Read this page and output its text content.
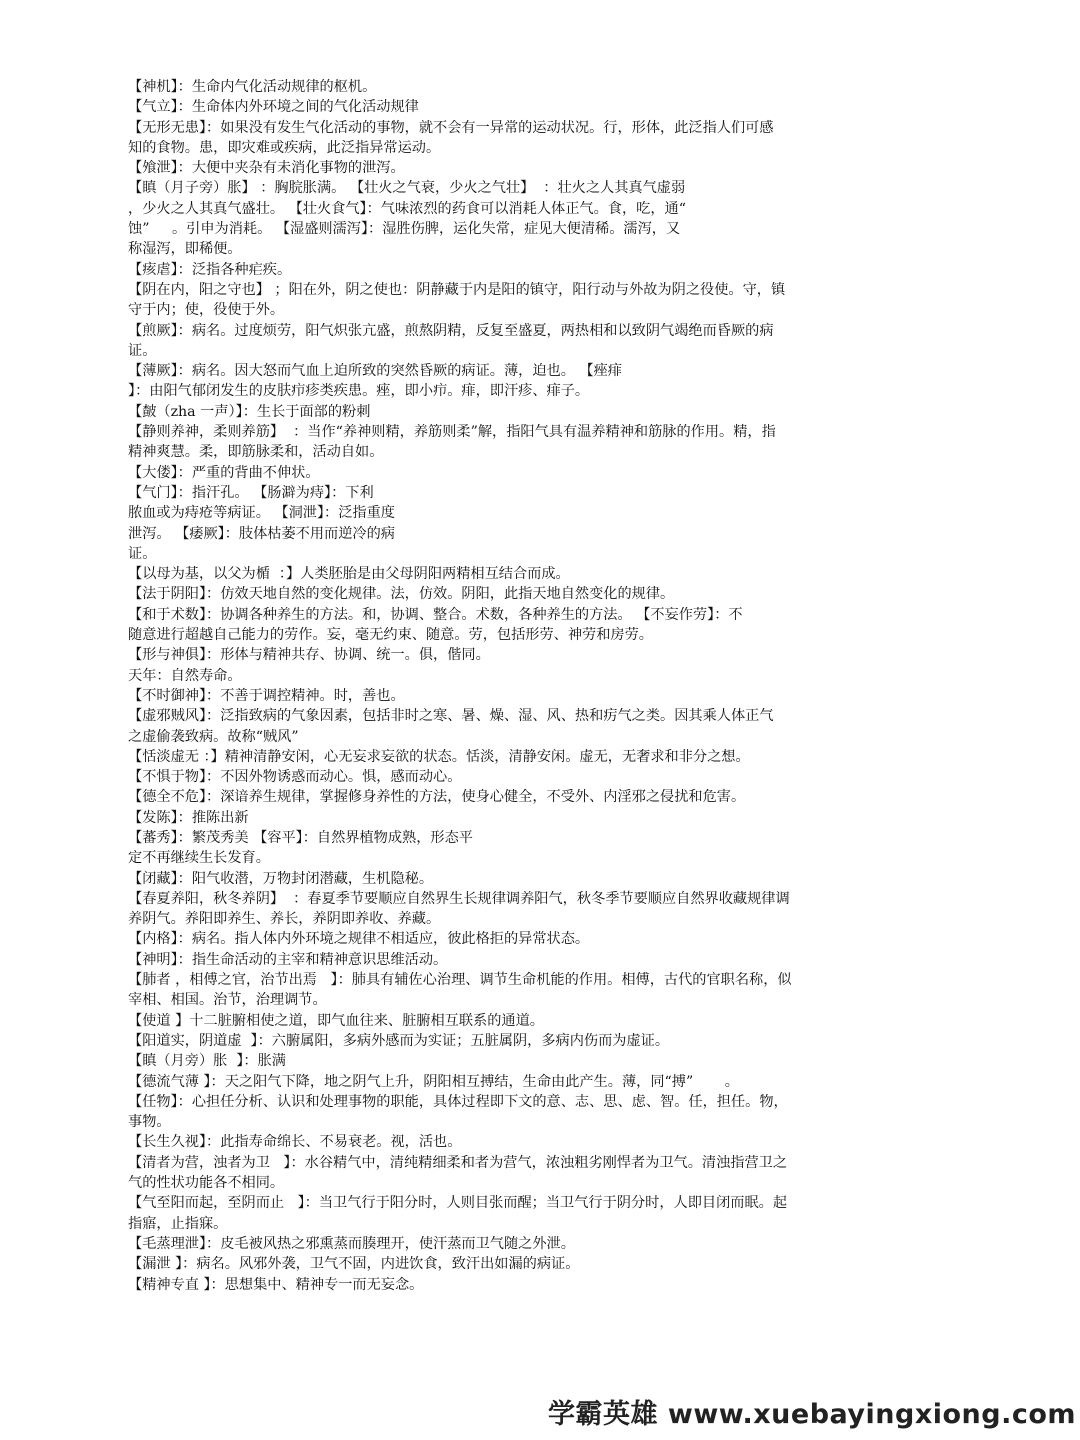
【神机】：生命内气化活动规律的枢机。
【气立】：生命体内外环境之间的气化活动规律
【无形无患】：如果没有发生气化活动的事物，就不会有一异常的运动状况。行，形体，此泛指人们可感
知的食物。患，即灾难或疾病，此泛指异常运动。
【飧泄】：大便中夹杂有未消化事物的泄泻。
【瞋（月子旁）胀】 ：胸脘胀满。 【壮火之气衰，少火之气壮】  ：壮火之人其真气虚弱
，少火之人其真气盛壮。 【壮火食气】：气味浓烈的药食可以消耗人体正气。食，吃，通“
蚀”     。引申为消耗。 【湿盛则濡泻】：湿胜伤脾，运化失常，症见大便清稀。濡泻，又
称湿泻，即稀便。
【痎虐】：泛指各种疟疾。
【阴在内，阳之守也】 ；阳在外，阴之使也：阴静藏于内是阳的镇守，阳行动与外故为阴之役使。守，镇
守于内；使，役使于外。
【煎厥】：病名。过度烦劳，阳气炽张亢盛，煎熬阴精，反复至盛夏，两热相和以致阴气竭绝而昏厥的病
证。
【薄厥】：病名。因大怒而气血上迫所致的突然昏厥的病证。薄，迫也。 【痤痱
】：由阳气郁闭发生的皮肤疖疹类疾患。痤，即小疖。痱，即汗疹、痱子。
【皶（zha 一声）】：生长于面部的粉刺
【静则养神，柔则养筋】  ：当作“养神则精，养筋则柔”解，指阳气具有温养精神和筋脉的作用。精，指
精神爽慧。柔，即筋脉柔和，活动自如。
【大偻】：严重的背曲不伸状。
【气门】：指汗孔。 【肠澼为痔】：下利
脓血或为痔疮等病证。 【洞泄】：泛指重度
泄泻。 【痿厥】：肢体枯萎不用而逆冷的病
证。
【以母为基，以父为楯  ：】人类胚胎是由父母阴阳两精相互结合而成。
【法于阴阳】：仿效天地自然的变化规律。法，仿效。阴阳，此指天地自然变化的规律。
【和于术数】：协调各种养生的方法。和，协调、整合。术数，各种养生的方法。 【不妄作劳】：不
随意进行超越自己能力的劳作。妄，毫无约束、随意。劳，包括形劳、神劳和房劳。
【形与神俱】：形体与精神共存、协调、统一。俱，偕同。
天年：自然寿命。
【不时御神】：不善于调控精神。时，善也。
【虚邪贼风】：泛指致病的气象因素，包括非时之寒、暑、燥、湿、风、热和疠气之类。因其乘人体正气
之虚偷袭致病。故称“贼风”
【恬淡虚无 ：】精神清静安闲，心无妄求妄欲的状态。恬淡，清静安闲。虚无，无奢求和非分之想。
【不惧于物】：不因外物诱惑而动心。惧，感而动心。
【德全不危】：深谙养生规律，掌握修身养性的方法，使身心健全，不受外、内淫邪之侵扰和危害。
【发陈】：推陈出新
【蕃秀】：繁茂秀美 【容平】：自然界植物成熟，形态平
定不再继续生长发育。
【闭藏】：阳气收潜，万物封闭潜藏，生机隐秘。
【春夏养阳，秋冬养阴】  ：春夏季节要顺应自然界生长规律调养阳气，秋冬季节要顺应自然界收藏规律调
养阴气。养阳即养生、养长，养阴即养收、养藏。
【内格】：病名。指人体内外环境之规律不相适应，彼此格拒的异常状态。
【神明】：指生命活动的主宰和精神意识思维活动。
【肺者 ，相傅之官，治节出焉   】：肺具有辅佐心治理、调节生命机能的作用。相傅，古代的官职名称，似
宰相、相国。治节，治理调节。
【使道 】十二脏腑相使之道，即气血往来、脏腑相互联系的通道。
【阳道实，阴道虚  】：六腑属阳，多病外感而为实证；五脏属阴，多病内伤而为虚证。
【瞋（月旁）胀  】：胀满
【德流气薄 】：天之阳气下降，地之阴气上升，阴阳相互搏结，生命由此产生。薄，同“搏”       。
【任物】：心担任分析、认识和处理事物的职能，具体过程即下文的意、志、思、虑、智。任，担任。物，
事物。
【长生久视】：此指寿命绵长、不易衰老。视，活也。
【清者为营，浊者为卫   】：水谷精气中，清纯精细柔和者为营气，浓浊粗劣刚悍者为卫气。清浊指营卫之
气的性状功能各不相同。
【气至阳而起，至阴而止   】：当卫气行于阳分时，人则目张而醒；当卫气行于阴分时，人即目闭而眠。起
指寤，止指寐。
【毛蒸理泄】：皮毛被风热之邪熏蒸而腠理开，使汗蒸而卫气随之外泄。
【漏泄 】：病名。风邪外袭，卫气不固，内进饮食，致汗出如漏的病证。
【精神专直 】：思想集中、精神专一而无妄念。
学霸英雄 www.xuebayingxiong.com
